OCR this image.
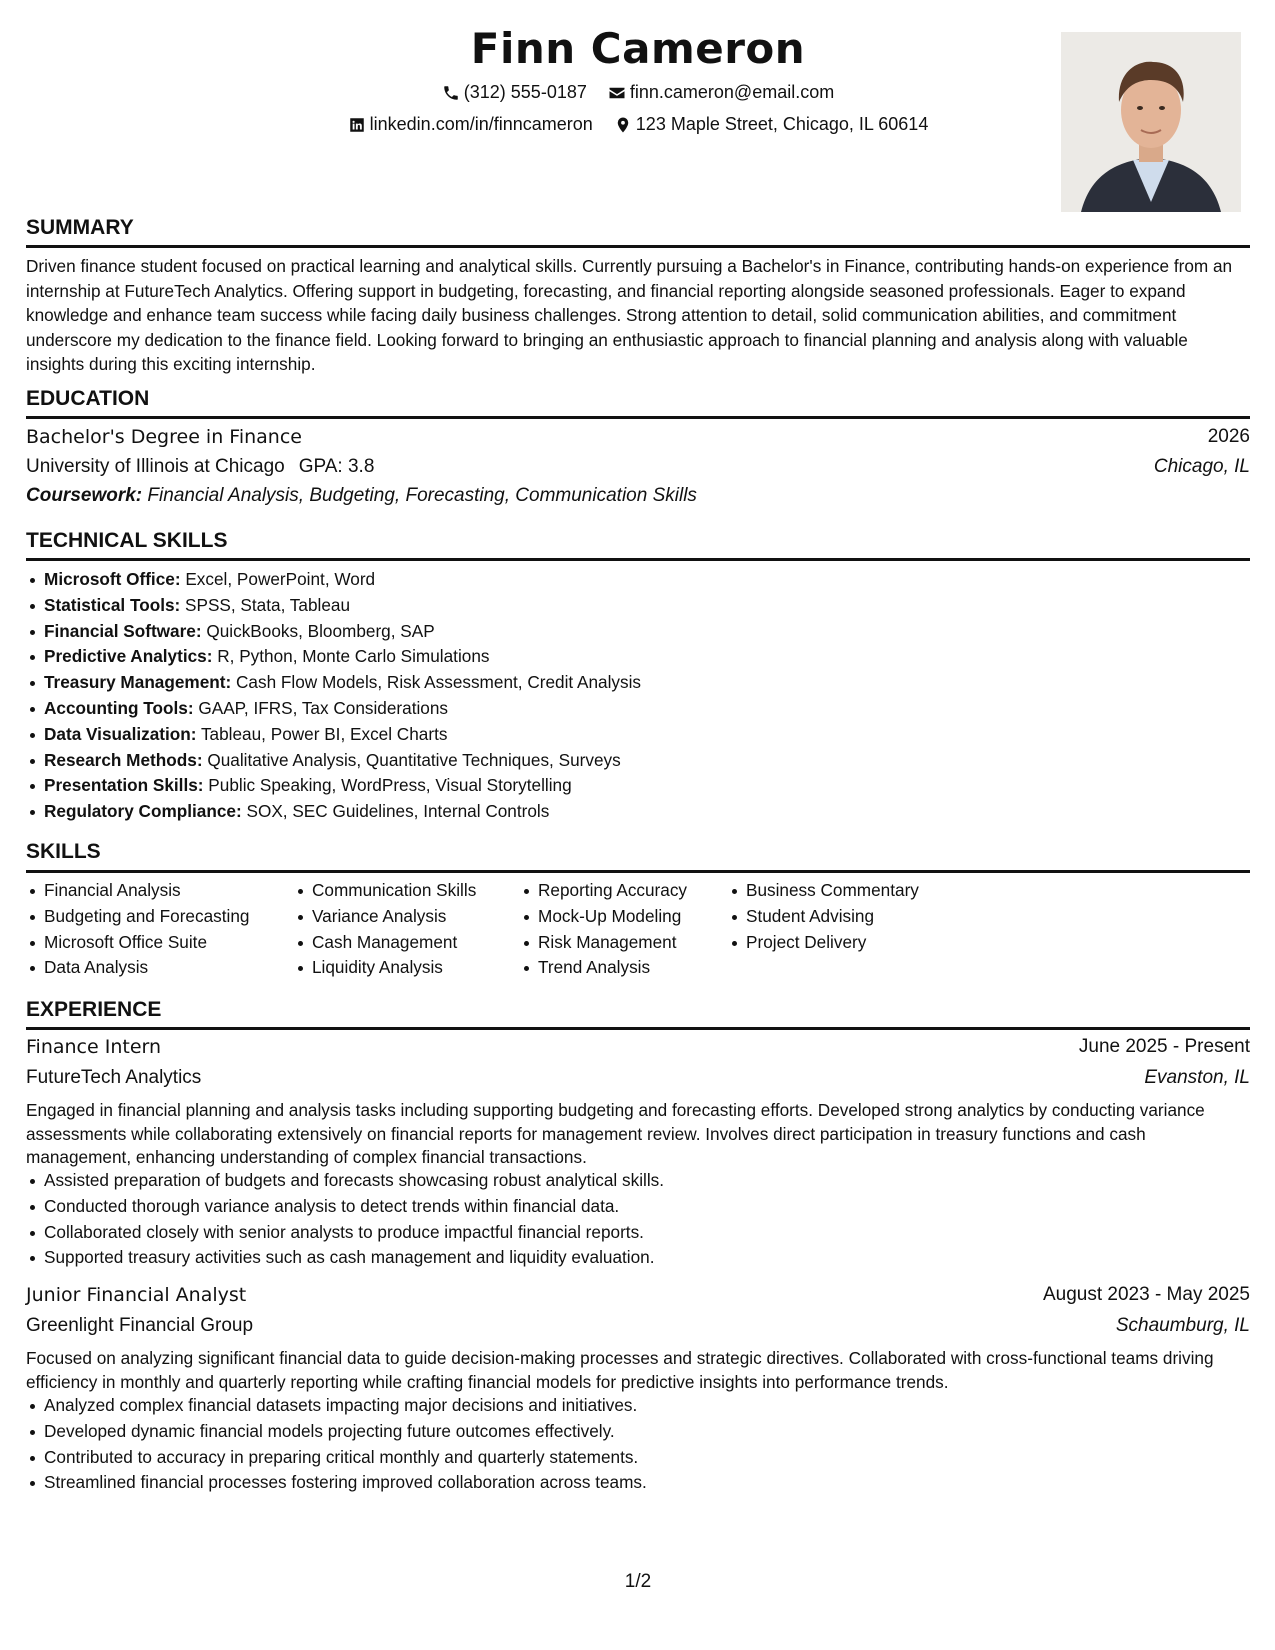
Finn Cameron
(312) 555-0187
finn.cameron@email.com
linkedin.com/in/finncameron
123 Maple Street, Chicago, IL 60614
SUMMARY

Driven finance student focused on practical learning and analytical skills. Currently pursuing a Bachelor's in Finance, contributing hands-on experience from an internship at FutureTech Analytics. Offering support in budgeting, forecasting, and financial reporting alongside seasoned professionals. Eager to expand knowledge and enhance team success while facing daily business challenges. Strong attention to detail, solid communication abilities, and commitment underscore my dedication to the finance field. Looking forward to bringing an enthusiastic approach to financial planning and analysis along with valuable insights during this exciting internship.

EDUCATION
Bachelor's Degree in Finance	2026
University of Illinois at Chicago GPA: 3.8	Chicago, IL
Coursework: Financial Analysis, Budgeting, Forecasting, Communication Skills
TECHNICAL SKILLS
Microsoft Office: Excel, PowerPoint, Word
Statistical Tools: SPSS, Stata, Tableau
Financial Software: QuickBooks, Bloomberg, SAP
Predictive Analytics: R, Python, Monte Carlo Simulations
Treasury Management: Cash Flow Models, Risk Assessment, Credit Analysis
Accounting Tools: GAAP, IFRS, Tax Considerations
Data Visualization: Tableau, Power BI, Excel Charts
Research Methods: Qualitative Analysis, Quantitative Techniques, Surveys
Presentation Skills: Public Speaking, WordPress, Visual Storytelling
Regulatory Compliance: SOX, SEC Guidelines, Internal Controls
SKILLS
Financial Analysis
Budgeting and Forecasting
Microsoft Office Suite
Data Analysis
Communication Skills
Variance Analysis
Cash Management
Liquidity Analysis
Reporting Accuracy
Mock-Up Modeling
Risk Management
Trend Analysis
Business Commentary
Student Advising
Project Delivery
EXPERIENCE
Finance Intern	June 2025 - Present
FutureTech Analytics	Evanston, IL

Engaged in financial planning and analysis tasks including supporting budgeting and forecasting efforts. Developed strong analytics by conducting variance assessments while collaborating extensively on financial reports for management review. Involves direct participation in treasury functions and cash management, enhancing understanding of complex financial transactions.

Assisted preparation of budgets and forecasts showcasing robust analytical skills.
Conducted thorough variance analysis to detect trends within financial data.
Collaborated closely with senior analysts to produce impactful financial reports.
Supported treasury activities such as cash management and liquidity evaluation.
Junior Financial Analyst	August 2023 - May 2025
Greenlight Financial Group	Schaumburg, IL

Focused on analyzing significant financial data to guide decision-making processes and strategic directives. Collaborated with cross-functional teams driving efficiency in monthly and quarterly reporting while crafting financial models for predictive insights into performance trends.

Analyzed complex financial datasets impacting major decisions and initiatives.
Developed dynamic financial models projecting future outcomes effectively.
Contributed to accuracy in preparing critical monthly and quarterly statements.
Streamlined financial processes fostering improved collaboration across teams.
1/2
